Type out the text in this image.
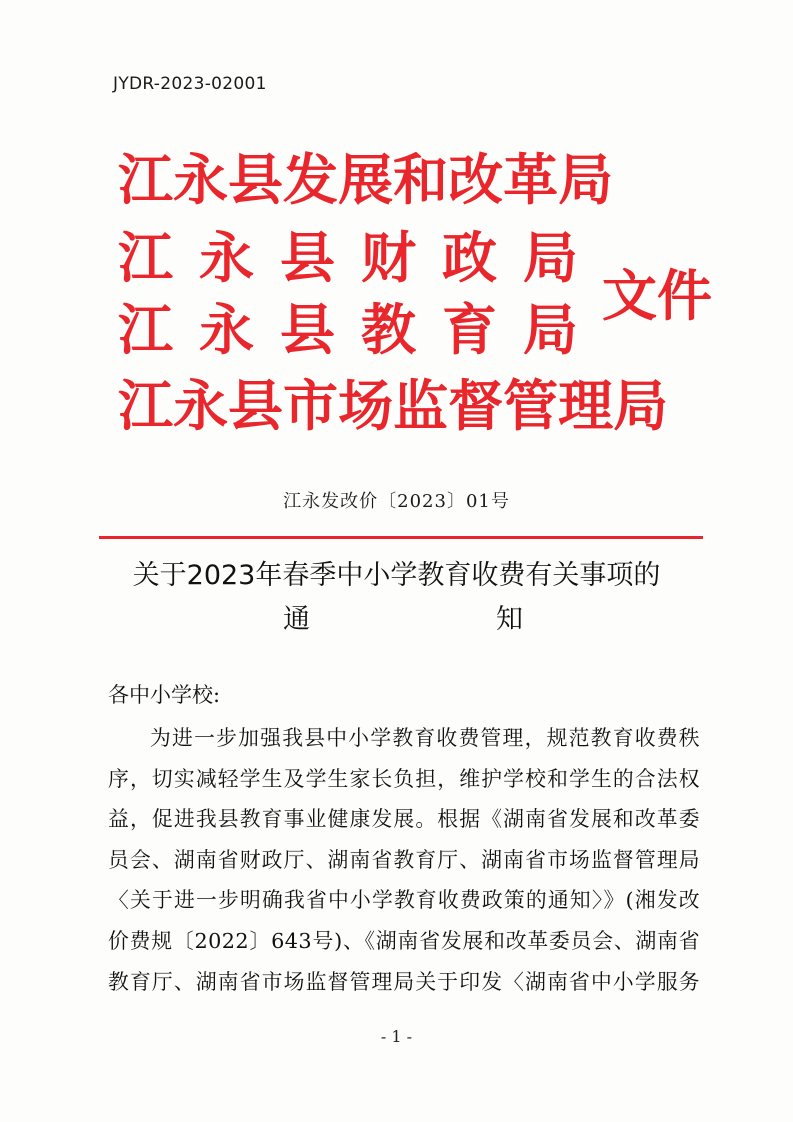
JYDR-2023-02001
江 永 县 发 展 和 改 革 局
江 永 县 财 政 局
江 永 县 教 育 局
江 永 县 市 场 监 督 管 理 局
文件
江永发改价〔2023〕01号
关于2023年春季中小学教育收费有关事项的
通	知
各中小学校:
为进一步加强我县中小学教育收费管理，规范教育收费秩
序，切实减轻学生及学生家长负担，维护学校和学生的合法权
益，促进我县教育事业健康发展。根据《湖南省发展和改革委
员会、湖南省财政厅、湖南省教育厅、湖南省市场监督管理局
〈关于进一步明确我省中小学教育收费政策的通知〉》(湘发改
价费规〔2022〕643号)、《湖南省发展和改革委员会、湖南省
教育厅、湖南省市场监督管理局关于印发〈湖南省中小学服务
- 1 -
